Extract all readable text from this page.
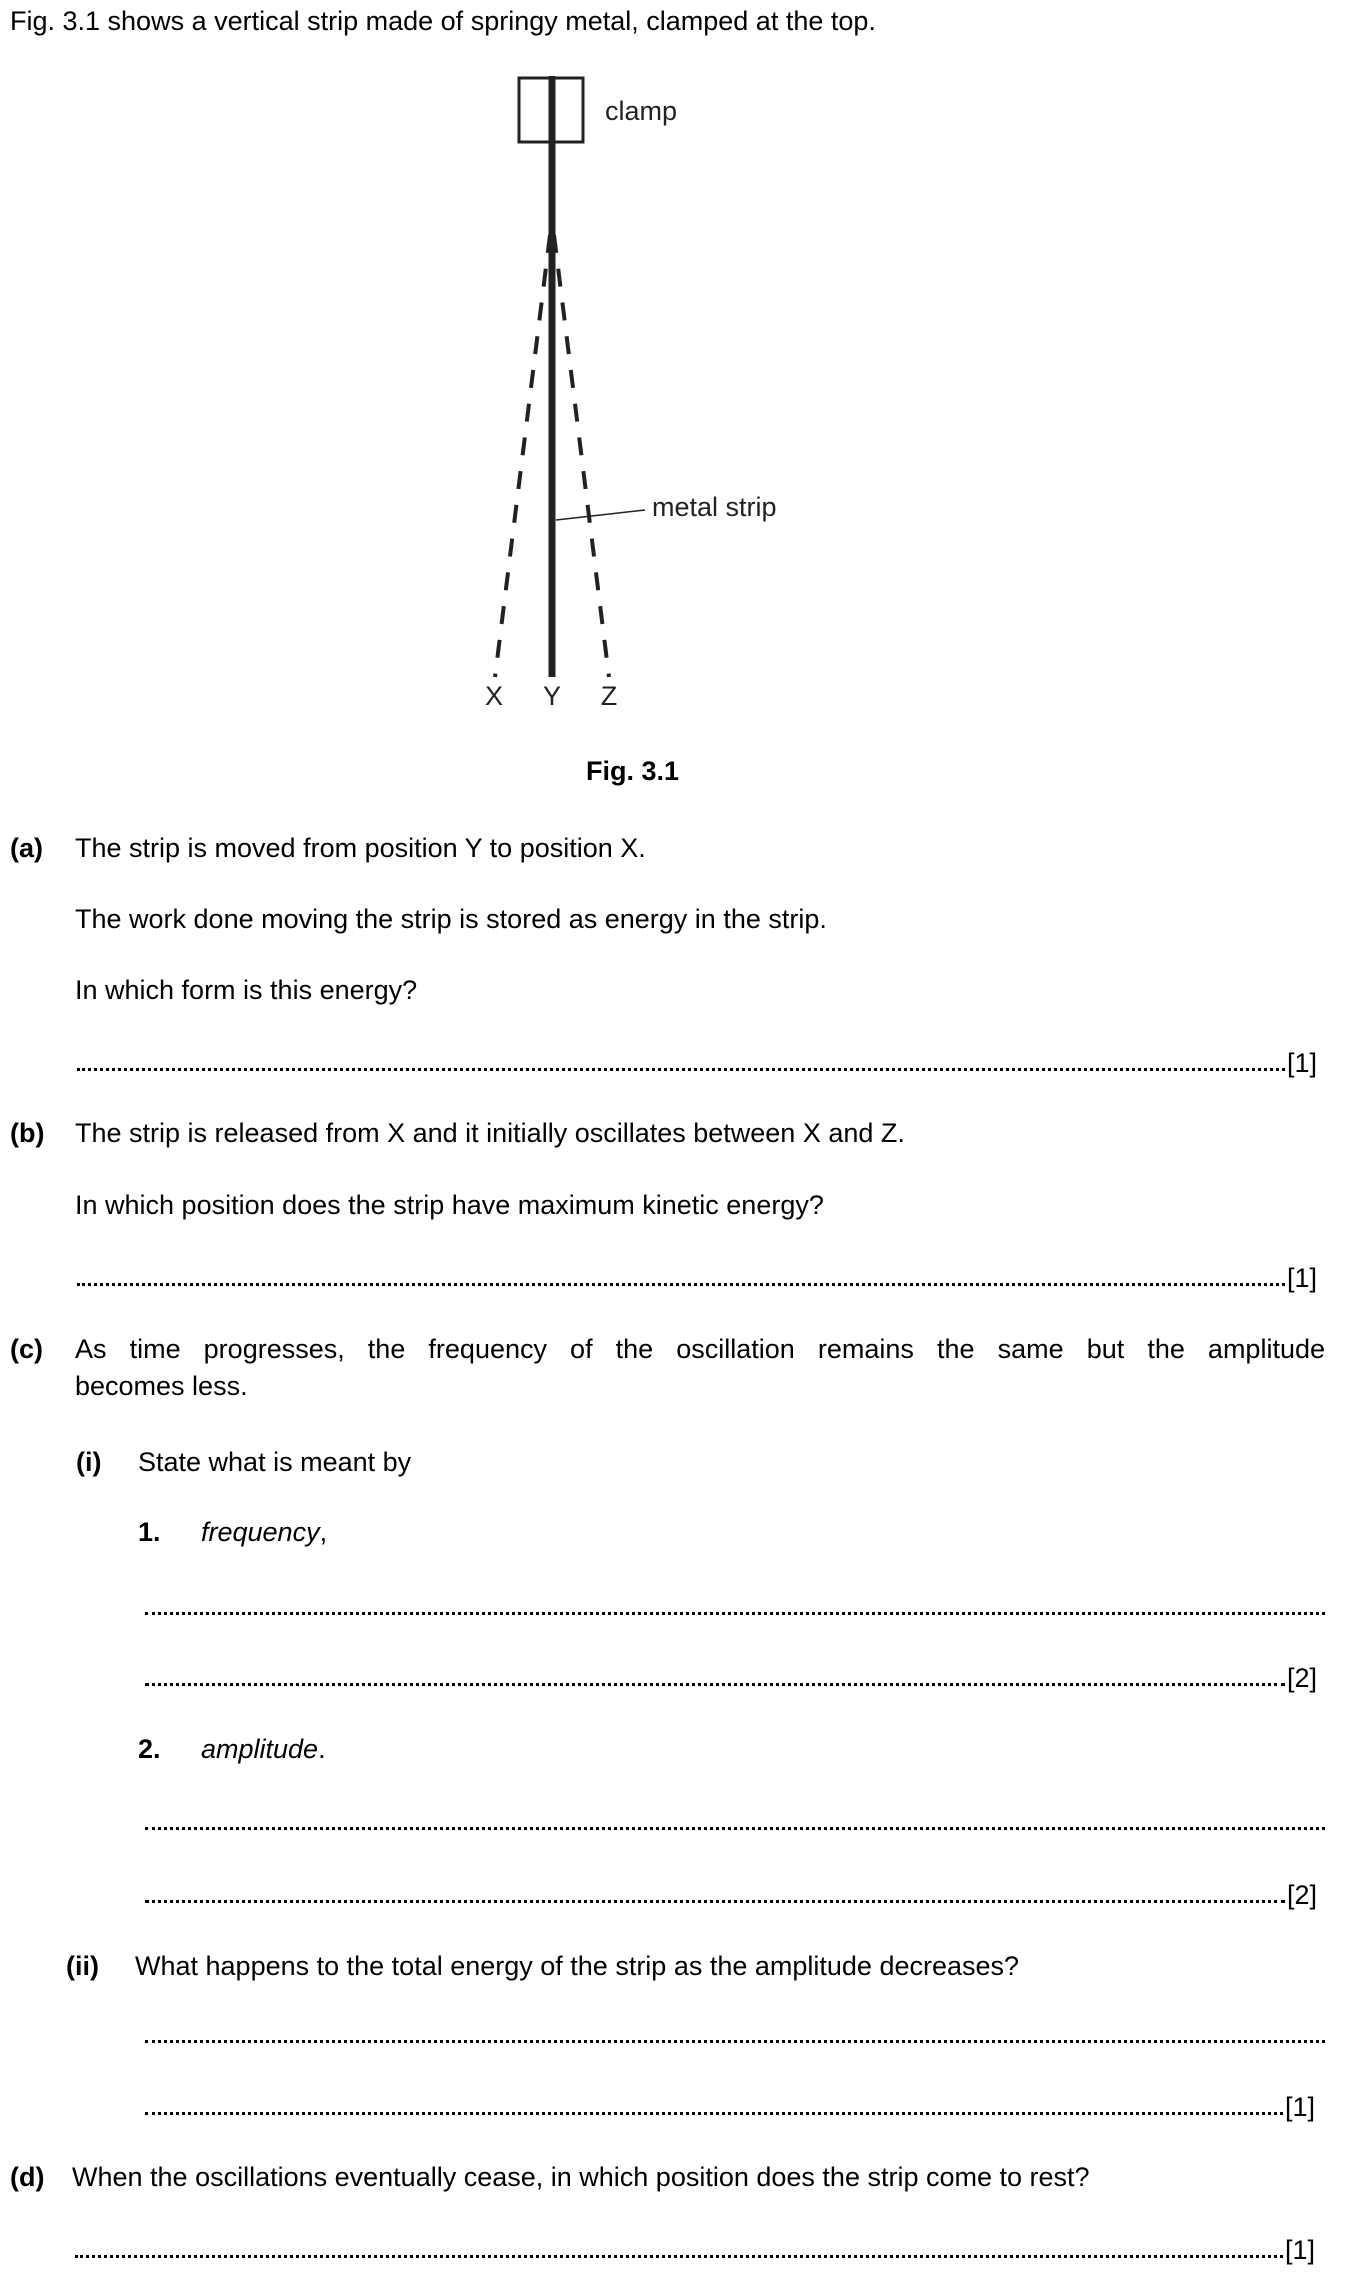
Fig. 3.1 shows a vertical strip made of springy metal, clamped at the top.
clamp
metal strip
X Y Z
Fig. 3.1
(a) The strip is moved from position Y to position X.
The work done moving the strip is stored as energy in the strip.
In which form is this energy?
[1]
(b) The strip is released from X and it initially oscillates between X and Z.
In which position does the strip have maximum kinetic energy?
[1]
(c) As time progresses, the frequency of the oscillation remains the same but the amplitude
becomes less.
(i) State what is meant by
1. frequency,
[2]
2. amplitude.
[2]
(ii) What happens to the total energy of the strip as the amplitude decreases?
[1]
(d) When the oscillations eventually cease, in which position does the strip come to rest?
[1]
